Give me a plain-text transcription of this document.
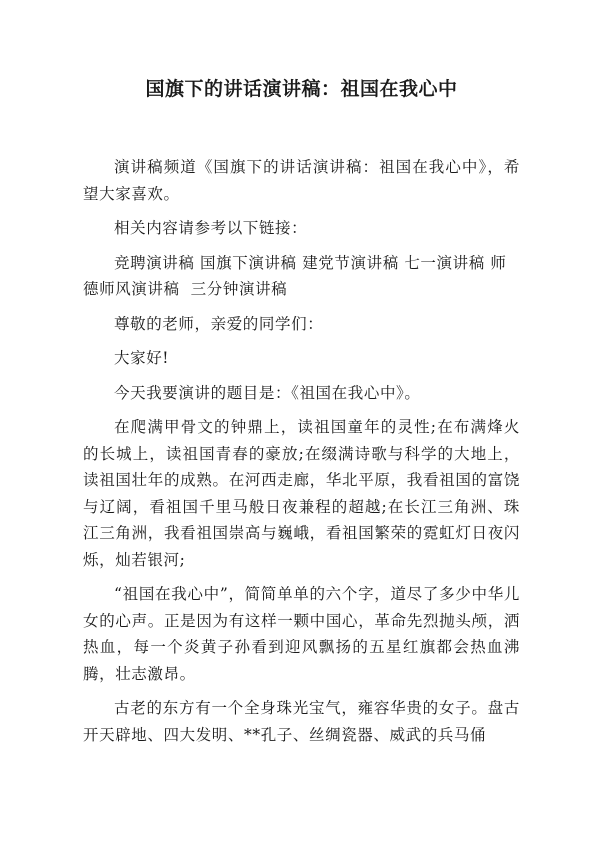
国旗下的讲话演讲稿：祖国在我心中

演讲稿频道《国旗下的讲话演讲稿：祖国在我心中》，希望大家喜欢。

相关内容请参考以下链接：

竞聘演讲稿 国旗下演讲稿 建党节演讲稿 七一演讲稿 师德师风演讲稿 三分钟演讲稿

尊敬的老师，亲爱的同学们：

大家好!

今天我要演讲的题目是：《祖国在我心中》。

在爬满甲骨文的钟鼎上，读祖国童年的灵性;在布满烽火的长城上，读祖国青春的豪放;在缀满诗歌与科学的大地上，读祖国壮年的成熟。在河西走廊，华北平原，我看祖国的富饶与辽阔，看祖国千里马般日夜兼程的超越;在长江三角洲、珠江三角洲，我看祖国崇高与巍峨，看祖国繁荣的霓虹灯日夜闪烁，灿若银河;

“祖国在我心中”，简简单单的六个字，道尽了多少中华儿女的心声。正是因为有这样一颗中国心，革命先烈抛头颅，洒热血，每一个炎黄子孙看到迎风飘扬的五星红旗都会热血沸腾，壮志激昂。

古老的东方有一个全身珠光宝气，雍容华贵的女子。盘古开天辟地、四大发明、**孔子、丝绸瓷器、威武的兵马俑
